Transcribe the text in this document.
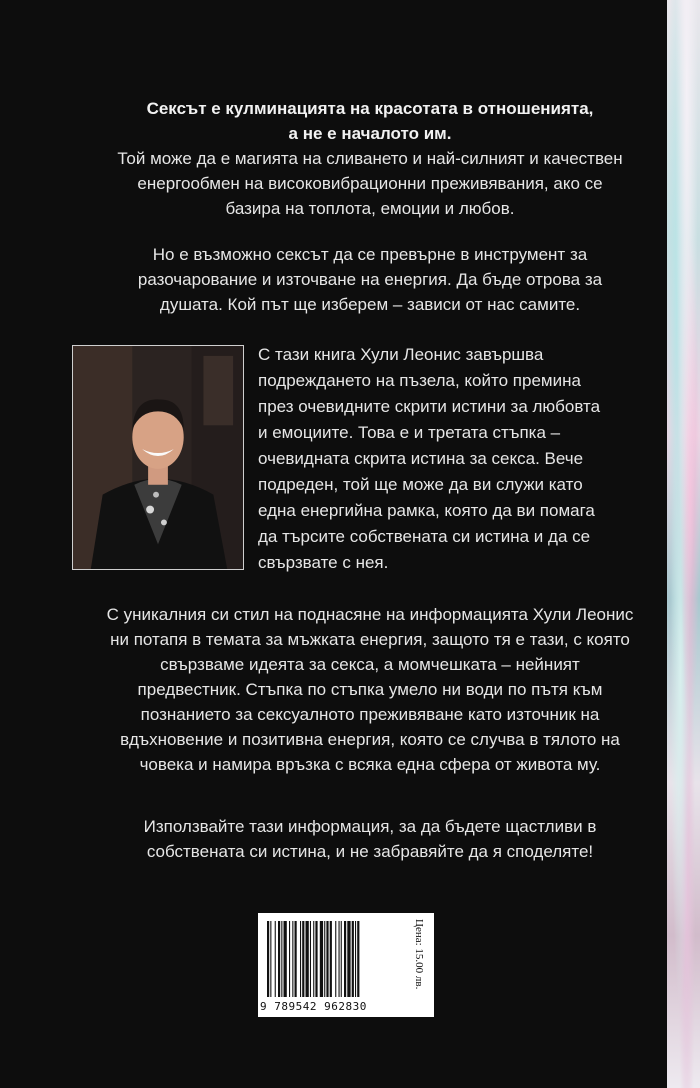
Сексът е кулминацията на красотата в отношенията,
а не е началото им.
Той може да е магията на сливането и най-силният и качествен
енергообмен на високовибрационни преживявания, ако се
базира на топлота, емоции и любов.
Но е възможно сексът да се превърне в инструмент за
разочарование и източване на енергия. Да бъде отрова за
душата. Кой път ще изберем – зависи от нас самите.
С тази книга Хули Леонис завършва
подреждането на пъзела, който премина
през очевидните скрити истини за любовта
и емоциите. Това е и третата стъпка –
очевидната скрита истина за секса. Вече
подреден, той ще може да ви служи като
една енергийна рамка, която да ви помага
да търсите собствената си истина и да се
свързвате с нея.
С уникалния си стил на поднасяне на информацията Хули Леонис
ни потапя в темата за мъжката енергия, защото тя е тази, с която
свързваме идеята за секса, а момчешката – нейният
предвестник. Стъпка по стъпка умело ни води по пътя към
познанието за сексуалното преживяване като източник на
вдъхновение и позитивна енергия, която се случва в тялото на
човека и намира връзка с всяка една сфера от живота му.
Използвайте тази информация, за да бъдете щастливи в
собствената си истина, и не забравяйте да я споделяте!
9 789542 962830
Цена: 15.00 лв.
